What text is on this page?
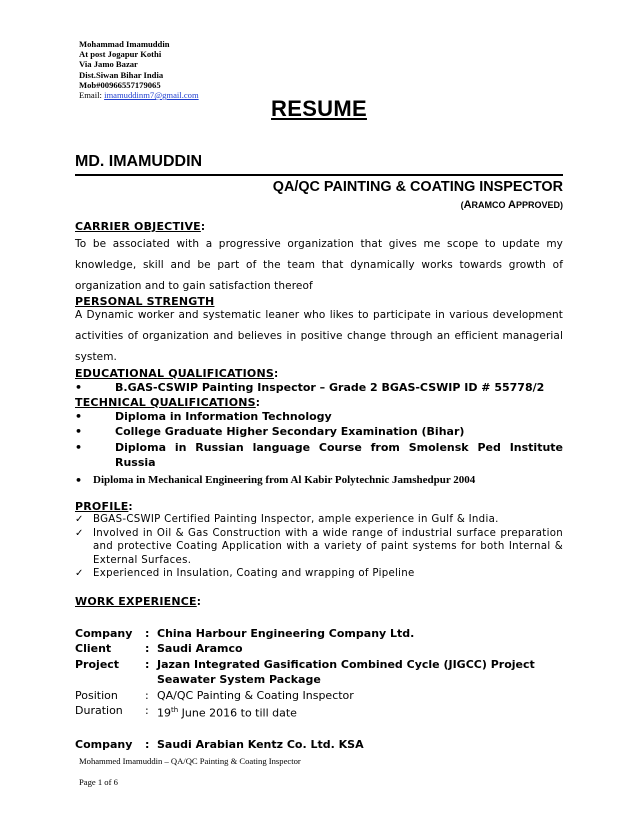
Mohammad Imamuddin
At post Jogapur Kothi
Via Jamo Bazar
Dist.Siwan Bihar India
Mob#00966557179065
Email: imamuddinm7@gmail.com
RESUME
MD. IMAMUDDIN
QA/QC PAINTING & COATING INSPECTOR
(ARAMCO APPROVED)
CARRIER OBJECTIVE:

To be associated with a progressive organization that gives me scope to update my knowledge, skill and be part of the team that dynamically works towards growth of organization and to gain satisfaction thereof

PERSONAL STRENGTH

A Dynamic worker and systematic leaner who likes to participate in various development activities of organization and believes in positive change through an efficient managerial system.

EDUCATIONAL QUALIFICATIONS:
•	B.GAS-CSWIP Painting Inspector – Grade 2 BGAS-CSWIP ID # 55778/2
TECHNICAL QUALIFICATIONS:
•	Diploma in Information Technology
•	College Graduate Higher Secondary Examination (Bihar)
•	Diploma in Russian language Course from Smolensk Ped Institute Russia
• Diploma in Mechanical Engineering from Al Kabir Polytechnic Jamshedpur 2004
PROFILE:
✓ BGAS-CSWIP Certified Painting Inspector, ample experience in Gulf & India.
✓ Involved in Oil & Gas Construction with a wide range of industrial surface preparation and protective Coating Application with a variety of paint systems for both Internal & External Surfaces.
✓ Experienced in Insulation, Coating and wrapping of Pipeline
WORK EXPERIENCE:
Company	: China Harbour Engineering Company Ltd.
Client	: Saudi Aramco
Project	: Jazan Integrated Gasification Combined Cycle (JIGCC) Project Seawater System Package
Position	: QA/QC Painting & Coating Inspector
Duration	: 19th June 2016 to till date
Company	: Saudi Arabian Kentz Co. Ltd. KSA
Mohammed Imamuddin – QA/QC Painting & Coating Inspector
Page 1 of 6
